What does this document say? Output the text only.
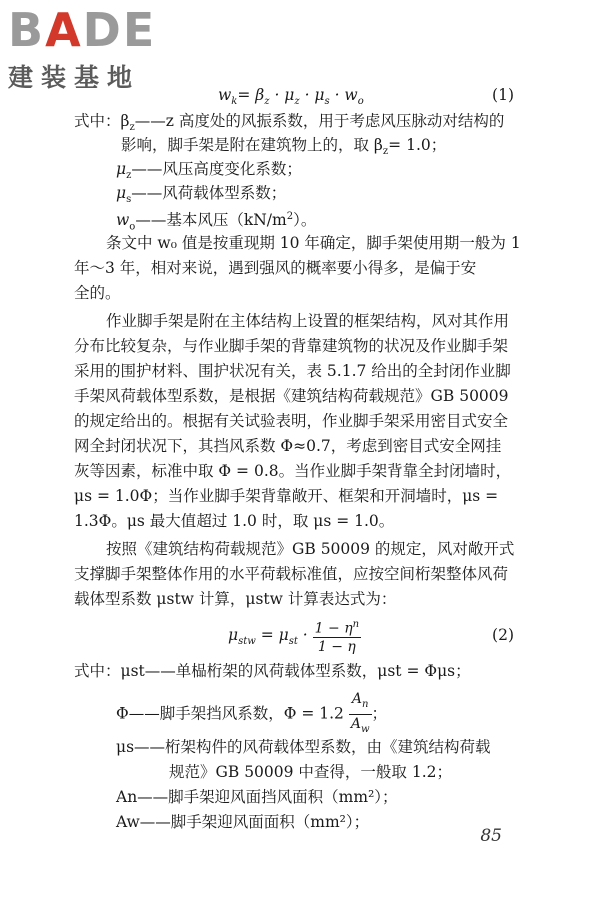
BADE
建装基地
$w_k= \beta_z \cdot \mu_z \cdot \mu_s \cdot w_o$	(1)
式中：$\beta_z——z$ 高度处的风振系数，用于考虑风压脉动对结构的
影响，脚手架是附在建筑物上的，取 $\beta_z= 1.0$；
$\mu_z——$风压高度变化系数；
$\mu_s——$风荷载体型系数；
$w_o——$基本风压$(kN/m^2)$。
条文中 w₀ 值是按重现期 10 年确定，脚手架使用期一般为 1
年～3 年，相对来说，遇到强风的概率要小得多，是偏于安
全的。
作业脚手架是附在主体结构上设置的框架结构，风对其作用
分布比较复杂，与作业脚手架的背靠建筑物的状况及作业脚手架
采用的围护材料、围护状况有关，表 5.1.7 给出的全封闭作业脚
手架风荷载体型系数，是根据《建筑结构荷载规范》GB 50009
的规定给出的。根据有关试验表明，作业脚手架采用密目式安全
网全封闭状况下，其挡风系数 Φ≈0.7，考虑到密目式安全网挂
灰等因素，标准中取 Φ = 0.8。当作业脚手架背靠全封闭墙时，
μs = 1.0Φ；当作业脚手架背靠敞开、框架和开洞墙时，μs =
1.3Φ。μs 最大值超过 1.0 时，取 μs = 1.0。
按照《建筑结构荷载规范》GB 50009 的规定，风对敞开式
支撑脚手架整体作用的水平荷载标准值，应按空间桁架整体风荷
载体型系数 μstw 计算，μstw 计算表达式为：
$\mu_{stw} = \mu_{st} \cdot \frac{1 - \eta^n}{1 - \eta}$	(2)
式中：μst——单榀桁架的风荷载体型系数，μst = Φμs；
Φ——脚手架挡风系数，$\Phi = 1.2 \frac{A_n}{A_w}$ ；
μs——桁架构件的风荷载体型系数，由《建筑结构荷载
规范》GB 50009 中查得，一般取 1.2；
An——脚手架迎风面挡风面积（mm²）；
Aw——脚手架迎风面面积（mm²）；
85
